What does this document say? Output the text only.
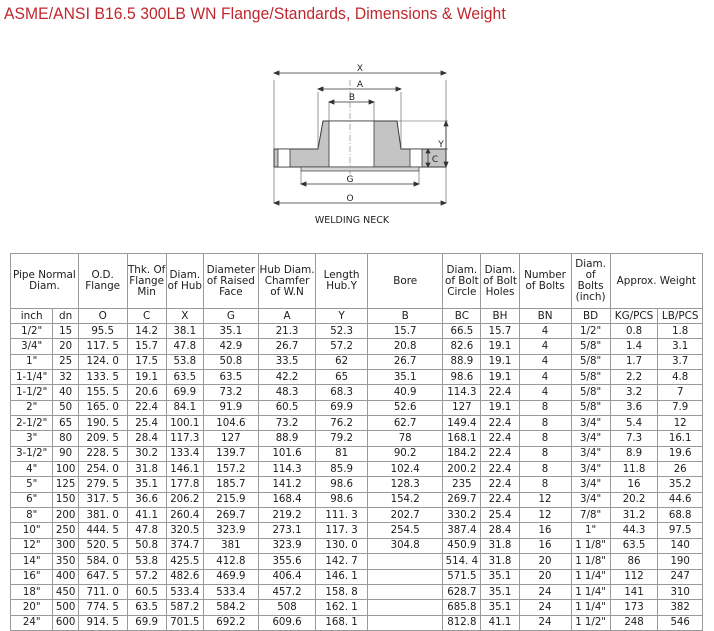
ASME/ANSI B16.5 300LB WN Flange/Standards, Dimensions & Weight
X
A
B
Y
C
G
O
WELDING NECK
Pipe Normal Diam.		O.D. Flange	Thk. Of Flange Min	Diam. of Hub	Diameter of Raised Face	Hub Diam. Chamfer of W.N	Length Hub.Y	Bore	Diam. of Bolt Circle	Diam. of Bolt Holes	Number of Bolts	Diam. of Bolts (inch)	Approx. Weight	
inch	dn	O	C	X	G	A	Y	B	BC	BH	BN	BD	KG/PCS	LB/PCS
1/2"	15	95.5	14.2	38.1	35.1	21.3	52.3	15.7	66.5	15.7	4	1/2"	0.8	1.8
3/4"	20	117. 5	15.7	47.8	42.9	26.7	57.2	20.8	82.6	19.1	4	5/8"	1.4	3.1
1"	25	124. 0	17.5	53.8	50.8	33.5	62	26.7	88.9	19.1	4	5/8"	1.7	3.7
1-1/4"	32	133. 5	19.1	63.5	63.5	42.2	65	35.1	98.6	19.1	4	5/8"	2.2	4.8
1-1/2"	40	155. 5	20.6	69.9	73.2	48.3	68.3	40.9	114.3	22.4	4	5/8"	3.2	7
2"	50	165. 0	22.4	84.1	91.9	60.5	69.9	52.6	127	19.1	8	5/8"	3.6	7.9
2-1/2"	65	190. 5	25.4	100.1	104.6	73.2	76.2	62.7	149.4	22.4	8	3/4"	5.4	12
3"	80	209. 5	28.4	117.3	127	88.9	79.2	78	168.1	22.4	8	3/4"	7.3	16.1
3-1/2"	90	228. 5	30.2	133.4	139.7	101.6	81	90.2	184.2	22.4	8	3/4"	8.9	19.6
4"	100	254. 0	31.8	146.1	157.2	114.3	85.9	102.4	200.2	22.4	8	3/4"	11.8	26
5"	125	279. 5	35.1	177.8	185.7	141.2	98.6	128.3	235	22.4	8	3/4"	16	35.2
6"	150	317. 5	36.6	206.2	215.9	168.4	98.6	154.2	269.7	22.4	12	3/4"	20.2	44.6
8"	200	381. 0	41.1	260.4	269.7	219.2	111. 3	202.7	330.2	25.4	12	7/8"	31.2	68.8
10"	250	444. 5	47.8	320.5	323.9	273.1	117. 3	254.5	387.4	28.4	16	1"	44.3	97.5
12"	300	520. 5	50.8	374.7	381	323.9	130. 0	304.8	450.9	31.8	16	1 1/8"	63.5	140
14"	350	584. 0	53.8	425.5	412.8	355.6	142. 7		514. 4	31.8	20	1 1/8"	86	190
16"	400	647. 5	57.2	482.6	469.9	406.4	146. 1		571.5	35.1	20	1 1/4"	112	247
18"	450	711. 0	60.5	533.4	533.4	457.2	158. 8		628.7	35.1	24	1 1/4"	141	310
20"	500	774. 5	63.5	587.2	584.2	508	162. 1		685.8	35.1	24	1 1/4"	173	382
24"	600	914. 5	69.9	701.5	692.2	609.6	168. 1		812.8	41.1	24	1 1/2"	248	546
